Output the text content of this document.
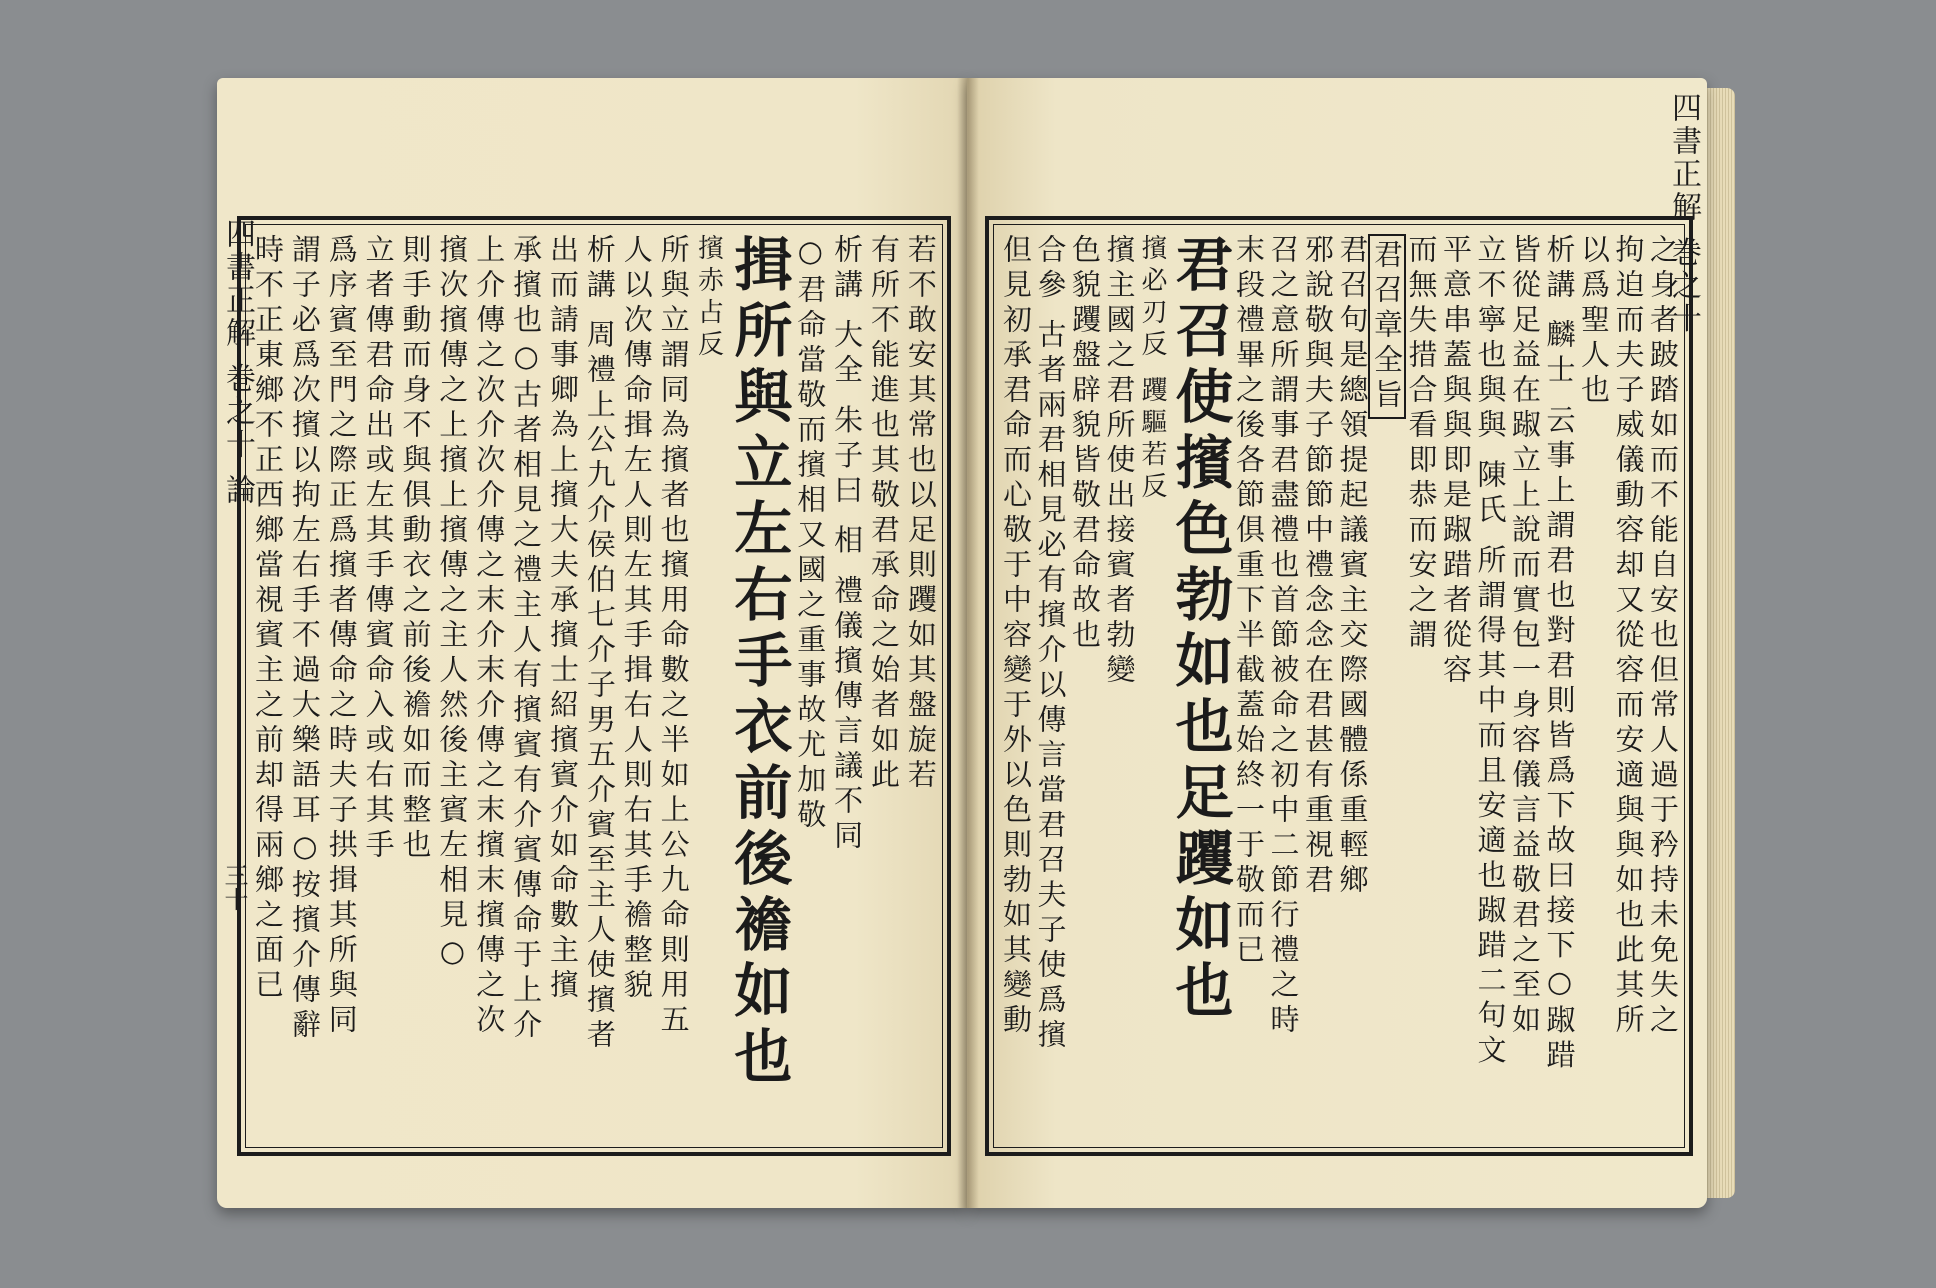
四書正解 巻之十 論
三十
若不敢安其常也以足則躩如其盤旋若
有所不能進也其敬君承命之始者如此
析講 大全 朱子曰 相 禮儀擯傳言議不同
○君命當敬而擯相又國之重事故尤加敬
揖所與立左右手衣前後襜如也
擯赤占反
所與立謂同為擯者也擯用命數之半如上公九命則用五
人以次傳命揖左人則左其手揖右人則右其手襜整貌
析講 周禮上公九介侯伯七介子男五介賓至主人使擯者
出而請事卿為上擯大夫承擯士紹擯賓介如命數主擯
承擯也○古者相見之禮主人有擯賓有介賓傳命于上介
上介傳之次介次介傳之末介末介傳之末擯末擯傳之次
擯次擯傳之上擯上擯傳之主人然後主賓左相見○
則手動而身不與俱動衣之前後襜如而整也
立者傳君命出或左其手傳賓命入或右其手
爲序賓至門之際正爲擯者傳命之時夫子拱揖其所與同
謂子必爲次擯以拘左右手不過大樂語耳○按擯介傳辭
時不正東鄉不正西鄉當視賓主之前却得兩鄉之面已
四書正解 巻之十
之身者跛踏如而不能自安也但常人過于矜持未免失之
拘迫而夫子威儀動容却又從容而安適與與如也此其所
以爲聖人也
析講 麟士 云事上謂君也對君則皆爲下故曰接下○踧踖
皆從足益在踧立上說而實包一身容儀言益敬君之至如
立不寧也與與 陳氏 所謂得其中而且安適也踧踖二句文
平意串蓋與與即是踧踖者從容
而無失措合看即恭而安之謂
君召章全旨
君召句是總領提起議賓主交際國體係重輕鄉
邪說敬與夫子節節中禮念念在君甚有重視君
召之意所謂事君盡禮也首節被命之初中二節行禮之時
末段禮畢之後各節俱重下半截蓋始終一于敬而已
君召使擯色勃如也足躩如也
擯必刃反 躩驅若反
擯主國之君所使出接賓者勃變
色貌躩盤辟貌皆敬君命故也
合參 古者兩君相見必有擯介以傳言當君召夫子使爲擯
但見初承君命而心敬于中容變于外以色則勃如其變動
